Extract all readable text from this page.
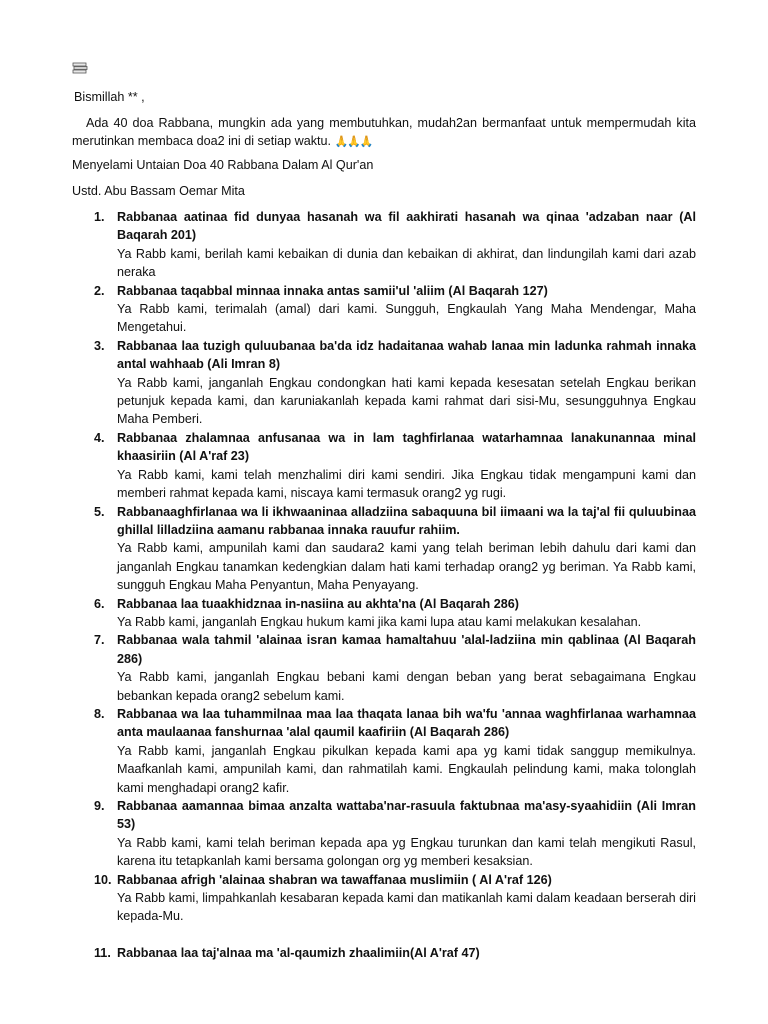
Bismillah ** ,
Ada 40 doa Rabbana, mungkin ada yang membutuhkan, mudah2an bermanfaat untuk mempermudah kita merutinkan membaca doa2 ini di setiap waktu. 🙏🙏🙏
Menyelami Untaian Doa 40 Rabbana Dalam Al Qur'an
Ustd. Abu Bassam Oemar Mita
1. Rabbanaa aatinaa fid dunyaa hasanah wa fil aakhirati hasanah wa qinaa 'adzaban naar (Al Baqarah 201)
Ya Rabb kami, berilah kami kebaikan di dunia dan kebaikan di akhirat, dan lindungilah kami dari azab neraka
2. Rabbanaa taqabbal minnaa innaka antas samii'ul 'aliim (Al Baqarah 127)
Ya Rabb kami, terimalah (amal) dari kami. Sungguh, Engkaulah Yang Maha Mendengar, Maha Mengetahui.
3. Rabbanaa laa tuzigh quluubanaa ba'da idz hadaitanaa wahab lanaa min ladunka rahmah innaka antal wahhaab (Ali Imran 8)
Ya Rabb kami, janganlah Engkau condongkan hati kami kepada kesesatan setelah Engkau berikan petunjuk kepada kami, dan karuniakanlah kepada kami rahmat dari sisi-Mu, sesungguhnya Engkau Maha Pemberi.
4. Rabbanaa zhalamnaa anfusanaa wa in lam taghfirlanaa watarhamnaa lanakunannaa minal khaasiriin (Al A'raf 23)
Ya Rabb kami, kami telah menzhalimi diri kami sendiri. Jika Engkau tidak mengampuni kami dan memberi rahmat kepada kami, niscaya kami termasuk orang2 yg rugi.
5. Rabbanaaghfirlanaa wa li ikhwaaninaa alladziina sabaquuna bil iimaani wa la taj'al fii quluubinaa ghillal lilladziina aamanu rabbanaa innaka rauufur rahiim.
Ya Rabb kami, ampunilah kami dan saudara2 kami yang telah beriman lebih dahulu dari kami dan janganlah Engkau tanamkan kedengkian dalam hati kami terhadap orang2 yg beriman. Ya Rabb kami, sungguh Engkau Maha Penyantun, Maha Penyayang.
6. Rabbanaa laa tuaakhidznaa in-nasiina au akhta'na (Al Baqarah 286)
Ya Rabb kami, janganlah Engkau hukum kami jika kami lupa atau kami melakukan kesalahan.
7. Rabbanaa wala tahmil 'alainaa isran kamaa hamaltahuu 'alal-ladziina min qablinaa (Al Baqarah 286)
Ya Rabb kami, janganlah Engkau bebani kami dengan beban yang berat sebagaimana Engkau bebankan kepada orang2 sebelum kami.
8. Rabbanaa wa laa tuhammilnaa maa laa thaqata lanaa bih wa'fu 'annaa waghfirlanaa warhamnaa anta maulaanaa fanshurnaa 'alal qaumil kaafiriin (Al Baqarah 286)
Ya Rabb kami, janganlah Engkau pikulkan kepada kami apa yg kami tidak sanggup memikulnya. Maafkanlah kami, ampunilah kami, dan rahmatilah kami. Engkaulah pelindung kami, maka tolonglah kami menghadapi orang2 kafir.
9. Rabbanaa aamannaa bimaa anzalta wattaba'nar-rasuula faktubnaa ma'asy-syaahidiin (Ali Imran 53)
Ya Rabb kami, kami telah beriman kepada apa yg Engkau turunkan dan kami telah mengikuti Rasul, karena itu tetapkanlah kami bersama golongan org yg memberi kesaksian.
10. Rabbanaa afrigh 'alainaa shabran wa tawaffanaa muslimiin ( Al A'raf 126)
Ya Rabb kami, limpahkanlah kesabaran kepada kami dan matikanlah kami dalam keadaan berserah diri kepada-Mu.
11. Rabbanaa laa taj'alnaa ma 'al-qaumizh zhaalimiin(Al A'raf 47)
